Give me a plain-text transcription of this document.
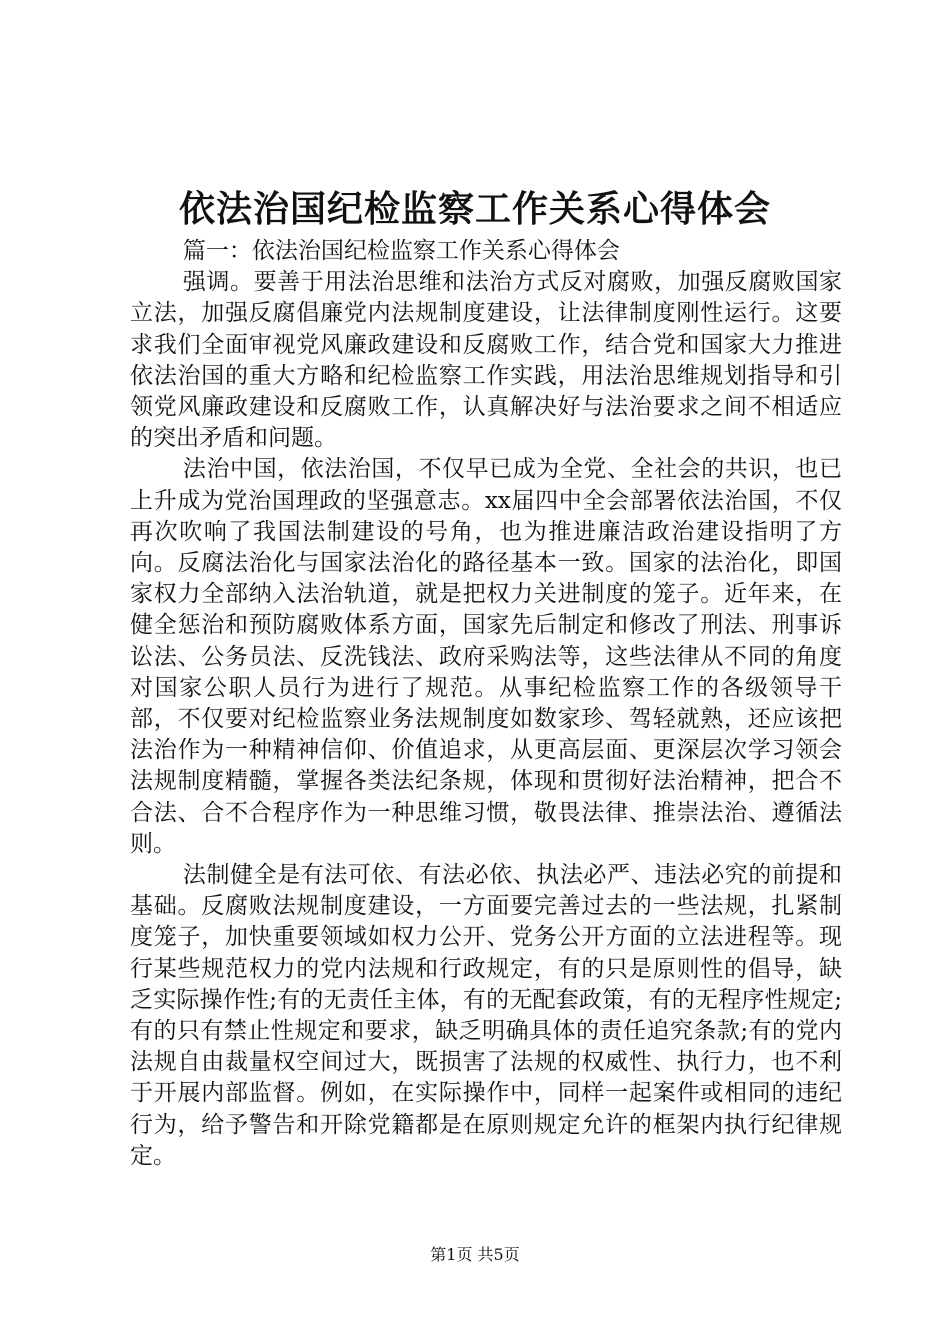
依法治国纪检监察工作关系心得体会

篇一：依法治国纪检监察工作关系心得体会

强调。要善于用法治思维和法治方式反对腐败，加强反腐败国家立法，加强反腐倡廉党内法规制度建设，让法律制度刚性运行。这要求我们全面审视党风廉政建设和反腐败工作，结合党和国家大力推进依法治国的重大方略和纪检监察工作实践，用法治思维规划指导和引领党风廉政建设和反腐败工作，认真解决好与法治要求之间不相适应的突出矛盾和问题。

法治中国，依法治国，不仅早已成为全党、全社会的共识，也已上升成为党治国理政的坚强意志。xx届四中全会部署依法治国，不仅再次吹响了我国法制建设的号角，也为推进廉洁政治建设指明了方向。反腐法治化与国家法治化的路径基本一致。国家的法治化，即国家权力全部纳入法治轨道，就是把权力关进制度的笼子。近年来，在健全惩治和预防腐败体系方面，国家先后制定和修改了刑法、刑事诉讼法、公务员法、反洗钱法、政府采购法等，这些法律从不同的角度对国家公职人员行为进行了规范。从事纪检监察工作的各级领导干部，不仅要对纪检监察业务法规制度如数家珍、驾轻就熟，还应该把法治作为一种精神信仰、价值追求，从更高层面、更深层次学习领会法规制度精髓，掌握各类法纪条规，体现和贯彻好法治精神，把合不合法、合不合程序作为一种思维习惯，敬畏法律、推崇法治、遵循法则。

法制健全是有法可依、有法必依、执法必严、违法必究的前提和基础。反腐败法规制度建设，一方面要完善过去的一些法规，扎紧制度笼子，加快重要领域如权力公开、党务公开方面的立法进程等。现行某些规范权力的党内法规和行政规定，有的只是原则性的倡导，缺乏实际操作性;有的无责任主体，有的无配套政策，有的无程序性规定;有的只有禁止性规定和要求，缺乏明确具体的责任追究条款;有的党内法规自由裁量权空间过大，既损害了法规的权威性、执行力，也不利于开展内部监督。例如，在实际操作中，同样一起案件或相同的违纪行为，给予警告和开除党籍都是在原则规定允许的框架内执行纪律规定。

第1页 共5页
